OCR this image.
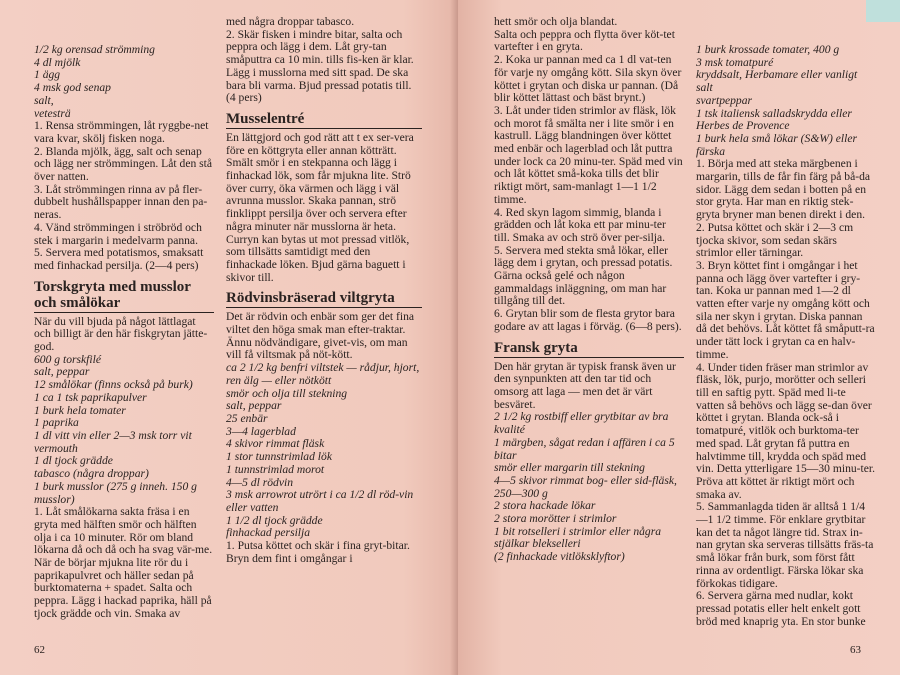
1/2 kg orensad strömming

4 dl mjölk

1 ägg

4 msk god senap

salt,

vetesträ

1. Rensa strömmingen, låt ryggbe-net vara kvar, skölj fisken noga.

2. Blanda mjölk, ägg, salt och senap och lägg ner strömmingen. Låt den stå över natten.

3. Låt strömmingen rinna av på fler-dubbelt hushållspapper innan den pa-neras.

4. Vänd strömmingen i ströbröd och stek i margarin i medelvarm panna.

5. Servera med potatismos, smaksatt med finhackad persilja. (2—4 pers)

Torskgryta med musslor och smålökar

När du vill bjuda på något lättlagat och billigt är den här fiskgrytan jätte-god.

600 g torskfilé

salt, peppar

12 smålökar (finns också på burk)

1 ca 1 tsk paprikapulver

1 burk hela tomater

1 paprika

1 dl vitt vin eller 2—3 msk torr vit vermouth

1 dl tjock grädde

tabasco (några droppar)

1 burk musslor (275 g inneh. 150 g musslor)

1. Låt smålökarna sakta fräsa i en gryta med hälften smör och hälften olja i ca 10 minuter. Rör om bland lökarna då och då och ha svag vär-me. När de börjar mjukna lite rör du i paprikapulvret och häller sedan på burktomaterna + spadet. Salta och peppra. Lägg i hackad paprika, häll på tjock grädde och vin. Smaka av

med några droppar tabasco.

2. Skär fisken i mindre bitar, salta och peppra och lägg i dem. Låt gry-tan småputtra ca 10 min. tills fis-ken är klar. Lägg i musslorna med sitt spad. De ska bara bli varma. Bjud pressad potatis till. (4 pers)

Musselentré

En lättgjord och god rätt att t ex ser-vera före en köttgryta eller annan kötträtt.

Smält smör i en stekpanna och lägg i finhackad lök, som får mjukna lite. Strö över curry, öka värmen och lägg i väl avrunna musslor. Skaka pannan, strö finklippt persilja över och servera efter några minuter när musslorna är heta. Curryn kan bytas ut mot pressad vitlök, som tillsätts samtidigt med den finhackade löken. Bjud gärna baguett i skivor till.

Rödvinsbräserad viltgryta

Det är rödvin och enbär som ger det fina viltet den höga smak man efter-traktar. Ännu nödvändigare, givet-vis, om man vill få viltsmak på nöt-kött.

ca 2 1/2 kg benfri viltstek — rådjur, hjort, ren älg — eller nötkött

smör och olja till stekning

salt, peppar

25 enbär

3—4 lagerblad

4 skivor rimmat fläsk

1 stor tunnstrimlad lök

1 tunnstrimlad morot

4—5 dl rödvin

3 msk arrowrot utrört i ca 1/2 dl röd-vin eller vatten

1 1/2 dl tjock grädde

finhackad persilja

1. Putsa köttet och skär i fina gryt-bitar. Bryn dem fint i omgångar i

62

hett smör och olja blandat.

Salta och peppra och flytta över köt-tet vartefter i en gryta.

2. Koka ur pannan med ca 1 dl vat-ten för varje ny omgång kött. Sila skyn över köttet i grytan och diska ur pannan. (Då blir köttet lättast och bäst brynt.)

3. Låt under tiden strimlor av fläsk, lök och morot få smälta ner i lite smör i en kastrull. Lägg blandningen över köttet med enbär och lagerblad och låt puttra under lock ca 20 minu-ter. Späd med vin och låt köttet små-koka tills det blir riktigt mört, sam-manlagt 1—1 1/2 timme.

4. Red skyn lagom simmig, blanda i grädden och låt koka ett par minu-ter till. Smaka av och strö över per-silja.

5. Servera med stekta små lökar, eller lägg dem i grytan, och pressad potatis. Gärna också gelé och någon gammaldags inläggning, om man har tillgång till det.

6. Grytan blir som de flesta grytor bara godare av att lagas i förväg. (6—8 pers).

Fransk gryta

Den här grytan är typisk fransk även ur den synpunkten att den tar tid och omsorg att laga — men det är värt besväret.

2 1/2 kg rostbiff eller grytbitar av bra kvalité

1 märgben, sågat redan i affären i ca 5 bitar

smör eller margarin till stekning

4—5 skivor rimmat bog- eller sid-fläsk, 250—300 g

2 stora hackade lökar

2 stora morötter i strimlor

1 bit rotselleri i strimlor eller några stjälkar blekselleri

(2 finhackade vitlöksklyftor)

1 burk krossade tomater, 400 g

3 msk tomatpuré

kryddsalt, Herbamare eller vanligt salt

svartpeppar

1 tsk italiensk salladskrydda eller Herbes de Provence

1 burk hela små lökar (S&W) eller färska

1. Börja med att steka märgbenen i margarin, tills de får fin färg på bå-da sidor. Lägg dem sedan i botten på en stor gryta. Har man en riktig stek-gryta bryner man benen direkt i den.

2. Putsa köttet och skär i 2—3 cm tjocka skivor, som sedan skärs strimlor eller tärningar.

3. Bryn köttet fint i omgångar i het panna och lägg över vartefter i gry-tan. Koka ur pannan med 1—2 dl vatten efter varje ny omgång kött och sila ner skyn i grytan. Diska pannan då det behövs. Låt köttet få småputt-ra under tätt lock i grytan ca en halv-timme.

4. Under tiden fräser man strimlor av fläsk, lök, purjo, morötter och selleri till en saftig pytt. Späd med li-te vatten så behövs och lägg se-dan över köttet i grytan. Blanda ock-så i tomatpuré, vitlök och burktoma-ter med spad. Låt grytan få puttra en halvtimme till, krydda och späd med vin. Detta ytterligare 15—30 minu-ter. Pröva att köttet är riktigt mört och smaka av.

5. Sammanlagda tiden är alltså 1 1/4 —1 1/2 timme. För enklare grytbitar kan det ta något längre tid. Strax in-nan grytan ska serveras tillsätts fräs-ta små lökar från burk, som först fått rinna av ordentligt. Färska lökar ska förkokas tidigare.

6. Servera gärna med nudlar, kokt pressad potatis eller helt enkelt gott bröd med knaprig yta. En stor bunke

63
